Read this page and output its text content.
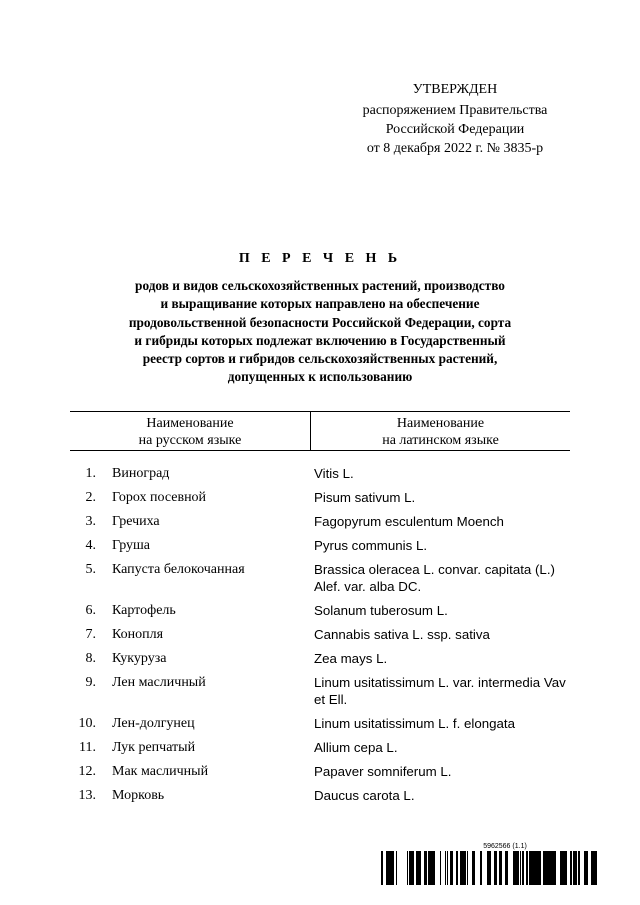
УТВЕРЖДЕН
распоряжением Правительства
Российской Федерации
от 8 декабря 2022 г. № 3835-р
П Е Р Е Ч Е Н Ь
родов и видов сельскохозяйственных растений, производство
и выращивание которых направлено на обеспечение
продовольственной безопасности Российской Федерации, сорта
и гибриды которых подлежат включению в Государственный
реестр сортов и гибридов сельскохозяйственных растений,
допущенных к использованию
Наименование
на русском языке
Наименование
на латинском языке
1.	Виноград	Vitis L.
2.	Горох посевной	Pisum sativum L.
3.	Гречиха	Fagopyrum esculentum Moench
4.	Груша	Pyrus communis L.
5.	Капуста белокочанная	Brassica oleracea L. convar. capitata (L.) Alef. var. alba DC.
6.	Картофель	Solanum tuberosum L.
7.	Конопля	Cannabis sativa L. ssp. sativa
8.	Кукуруза	Zea mays L.
9.	Лен масличный	Linum usitatissimum L. var. intermedia Vav et Ell.
10.	Лен-долгунец	Linum usitatissimum L. f. elongata
11.	Лук репчатый	Allium cepa L.
12.	Мак масличный	Papaver somniferum L.
13.	Морковь	Daucus carota L.
5962566 (1.1)
